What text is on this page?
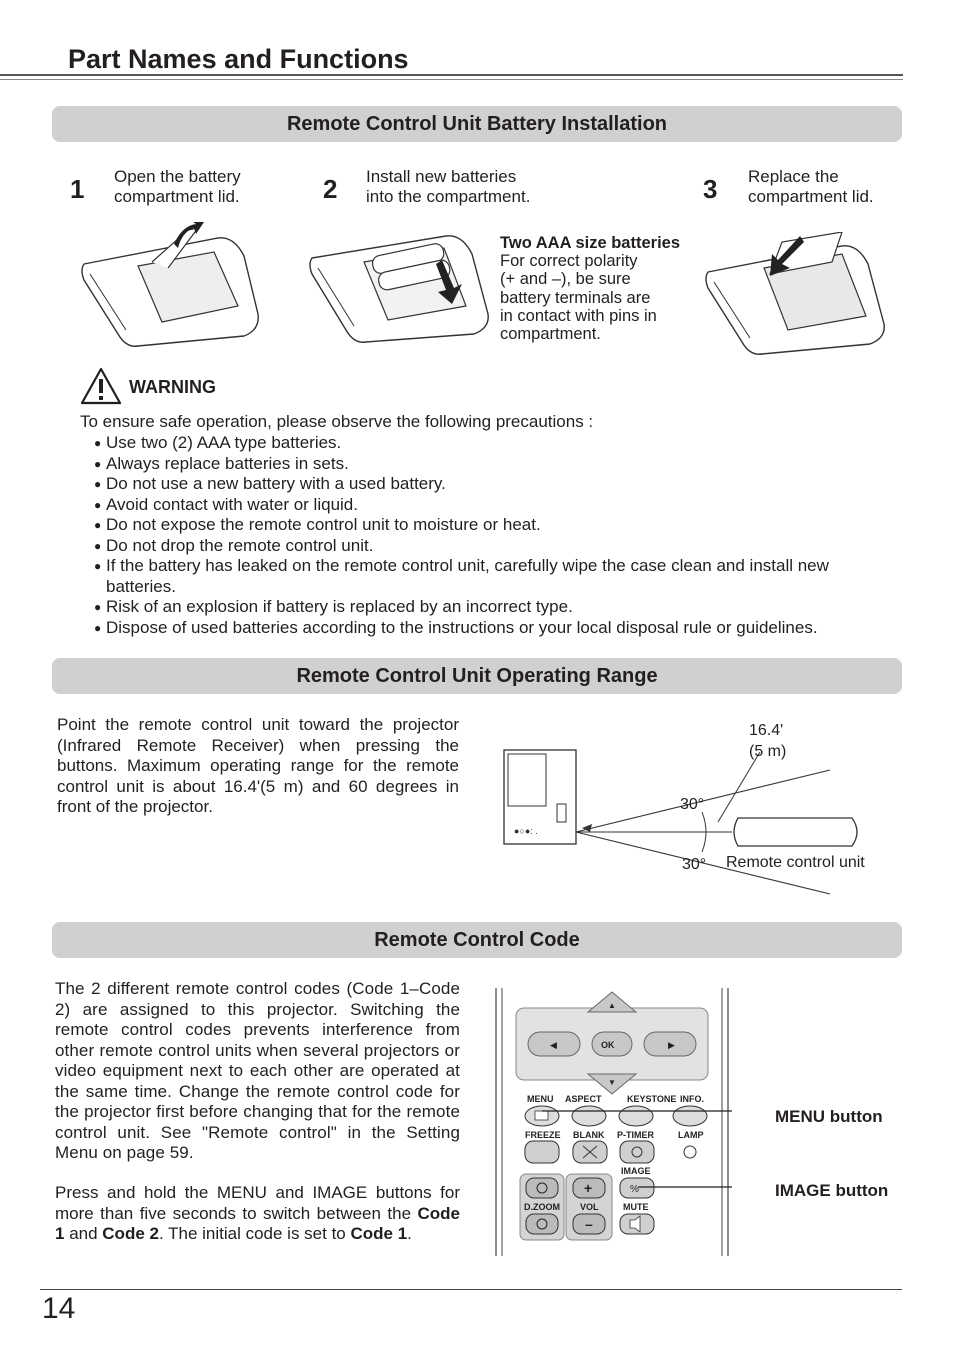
Part Names and Functions
Remote Control Unit Battery Installation
1 Open the battery
compartment lid.	2 Install new batteries
into the compartment.	3 Replace the
compartment lid.
Two AAA size batteries
For correct polarity
(+ and –), be sure
battery terminals are
in contact with pins in
compartment.
WARNING
To ensure safe operation, please observe the following precautions :
● Use two (2) AAA type batteries.
● Always replace batteries in sets.
● Do not use a new battery with a used battery.
● Avoid contact with water or liquid.
● Do not expose the remote control unit to moisture or heat.
● Do not drop the remote control unit.
● If the battery has leaked on the remote control unit, carefully wipe the case clean and install new batteries.
● Risk of an explosion if battery is replaced by an incorrect type.
● Dispose of used batteries according to the instructions or your local disposal rule or guidelines.
Remote Control Unit Operating Range
Point the remote control unit toward the projector (Infrared Remote Receiver) when pressing the buttons. Maximum operating range for the remote control unit is about 16.4'(5 m) and 60 degrees in front of the projector.
●○●: .
16.4'
(5 m)
30°
30° Remote control unit
Remote Control Code
The 2 different remote control codes (Code 1–Code 2) are assigned to this projector. Switching the remote control codes prevents interference from other remote control units when several projectors or video equipment next to each other are operated at the same time. Change the remote control code for the projector first before changing that for the remote control unit. See "Remote control" in the Setting Menu on page 59.
Press and hold the MENU and IMAGE buttons for more than five seconds to switch between the Code 1 and Code 2. The initial code is set to Code 1.
▲
▼
◀	OK	▶
MENU ASPECT	KEYSTONE INFO.
FREEZE BLANK P-TIMER	LAMP
D.ZOOM
+
VOL
–
IMAGE
%
MUTE
MENU button
IMAGE button
14
